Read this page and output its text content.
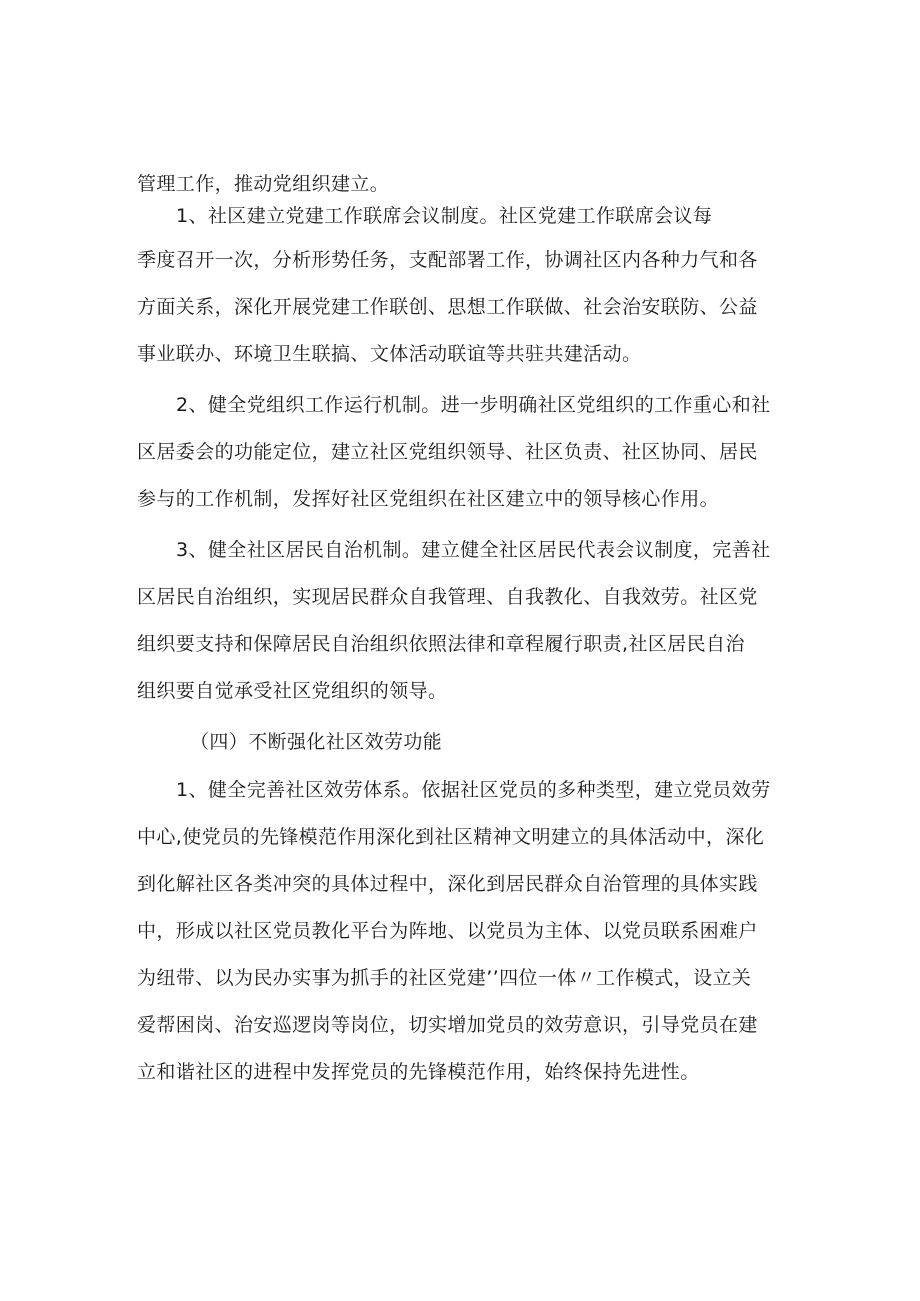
管理工作，推动党组织建立。
1、社区建立党建工作联席会议制度。社区党建工作联席会议每
季度召开一次，分析形势任务，支配部署工作，协调社区内各种力气和各
方面关系，深化开展党建工作联创、思想工作联做、社会治安联防、公益
事业联办、环境卫生联搞、文体活动联谊等共驻共建活动。
2、健全党组织工作运行机制。进一步明确社区党组织的工作重心和社
区居委会的功能定位，建立社区党组织领导、社区负责、社区协同、居民
参与的工作机制，发挥好社区党组织在社区建立中的领导核心作用。
3、健全社区居民自治机制。建立健全社区居民代表会议制度，完善社
区居民自治组织，实现居民群众自我管理、自我教化、自我效劳。社区党
组织要支持和保障居民自治组织依照法律和章程履行职责,社区居民自治
组织要自觉承受社区党组织的领导。
（四）不断强化社区效劳功能
1、健全完善社区效劳体系。依据社区党员的多种类型，建立党员效劳
中心,使党员的先锋模范作用深化到社区精神文明建立的具体活动中，深化
到化解社区各类冲突的具体过程中，深化到居民群众自治管理的具体实践
中，形成以社区党员教化平台为阵地、以党员为主体、以党员联系困难户
为纽带、以为民办实事为抓手的社区党建’’四位一体〃工作模式，设立关
爱帮困岗、治安巡逻岗等岗位，切实增加党员的效劳意识，引导党员在建
立和谐社区的进程中发挥党员的先锋模范作用，始终保持先进性。
